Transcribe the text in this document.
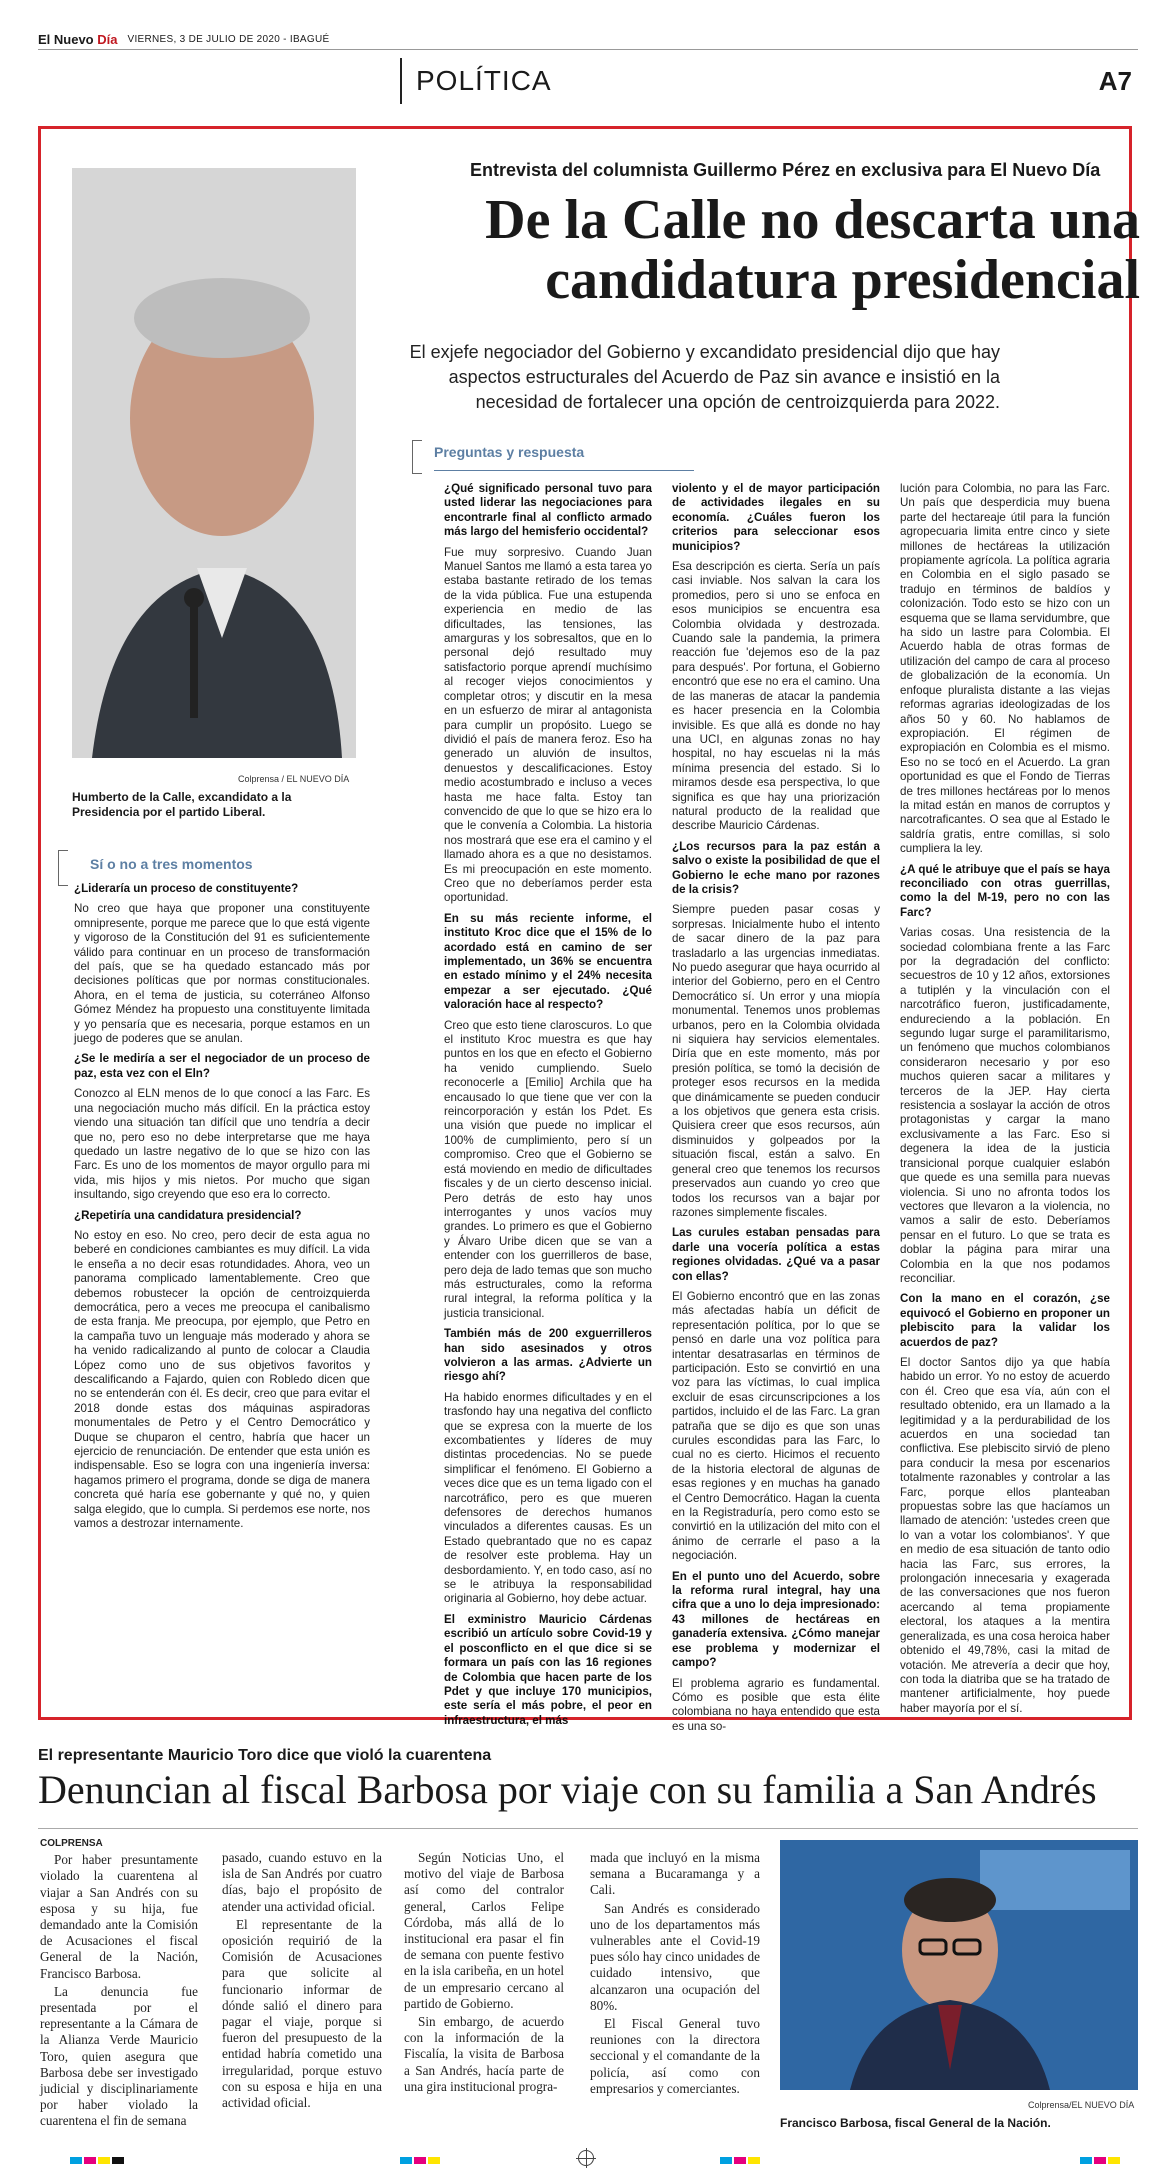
El Nuevo Día VIERNES, 3 DE JULIO DE 2020 - IBAGUÉ
POLÍTICA	A7
Colprensa / EL NUEVO DÍA
Humberto de la Calle, excandidato a la Presidencia por el partido Liberal.
Entrevista del columnista Guillermo Pérez en exclusiva para El Nuevo Día
De la Calle no descarta una
candidatura presidencial
El exjefe negociador del Gobierno y excandidato presidencial dijo que hay aspectos estructurales del Acuerdo de Paz sin avance e insistió en la necesidad de fortalecer una opción de centroizquierda para 2022.
Preguntas y respuesta
Sí o no a tres momentos

¿Lideraría un proceso de constituyente?

No creo que haya que proponer una constituyente omnipresente, porque me parece que lo que está vigente y vigoroso de la Constitución del 91 es suficientemente válido para continuar en un proceso de transformación del país, que se ha quedado estancado más por decisiones políticas que por normas constitucionales. Ahora, en el tema de justicia, su coterráneo Alfonso Gómez Méndez ha propuesto una constituyente limitada y yo pensaría que es necesaria, porque estamos en un juego de poderes que se anulan.

¿Se le mediría a ser el negociador de un proceso de paz, esta vez con el Eln?

Conozco al ELN menos de lo que conocí a las Farc. Es una negociación mucho más difícil. En la práctica estoy viendo una situación tan difícil que uno tendría a decir que no, pero eso no debe interpretarse que me haya quedado un lastre negativo de lo que se hizo con las Farc. Es uno de los momentos de mayor orgullo para mi vida, mis hijos y mis nietos. Por mucho que sigan insultando, sigo creyendo que eso era lo correcto.

¿Repetiría una candidatura presidencial?

No estoy en eso. No creo, pero decir de esta agua no beberé en condiciones cambiantes es muy difícil. La vida le enseña a no decir esas rotundidades. Ahora, veo un panorama complicado lamentablemente. Creo que debemos robustecer la opción de centroizquierda democrática, pero a veces me preocupa el canibalismo de esta franja. Me preocupa, por ejemplo, que Petro en la campaña tuvo un lenguaje más moderado y ahora se ha venido radicalizando al punto de colocar a Claudia López como uno de sus objetivos favoritos y descalificando a Fajardo, quien con Robledo dicen que no se entenderán con él. Es decir, creo que para evitar el 2018 donde estas dos máquinas aspiradoras monumentales de Petro y el Centro Democrático y Duque se chuparon el centro, habría que hacer un ejercicio de renunciación. De entender que esta unión es indispensable. Eso se logra con una ingeniería inversa: hagamos primero el programa, donde se diga de manera concreta qué haría ese gobernante y qué no, y quien salga elegido, que lo cumpla. Si perdemos ese norte, nos vamos a destrozar internamente.

¿Qué significado personal tuvo para usted liderar las negociaciones para encontrarle final al conflicto armado más largo del hemisferio occidental?

Fue muy sorpresivo. Cuando Juan Manuel Santos me llamó a esta tarea yo estaba bastante retirado de los temas de la vida pública. Fue una estupenda experiencia en medio de las dificultades, las tensiones, las amarguras y los sobresaltos, que en lo personal dejó resultado muy satisfactorio porque aprendí muchísimo al recoger viejos conocimientos y completar otros; y discutir en la mesa en un esfuerzo de mirar al antagonista para cumplir un propósito. Luego se dividió el país de manera feroz. Eso ha generado un aluvión de insultos, denuestos y descalificaciones. Estoy medio acostumbrado e incluso a veces hasta me hace falta. Estoy tan convencido de que lo que se hizo era lo que le convenía a Colombia. La historia nos mostrará que ese era el camino y el llamado ahora es a que no desistamos. Es mi preocupación en este momento. Creo que no deberíamos perder esta oportunidad.

En su más reciente informe, el instituto Kroc dice que el 15% de lo acordado está en camino de ser implementado, un 36% se encuentra en estado mínimo y el 24% necesita empezar a ser ejecutado. ¿Qué valoración hace al respecto?

Creo que esto tiene claroscuros. Lo que el instituto Kroc muestra es que hay puntos en los que en efecto el Gobierno ha venido cumpliendo. Suelo reconocerle a [Emilio] Archila que ha encausado lo que tiene que ver con la reincorporación y están los Pdet. Es una visión que puede no implicar el 100% de cumplimiento, pero sí un compromiso. Creo que el Gobierno se está moviendo en medio de dificultades fiscales y de un cierto descenso inicial. Pero detrás de esto hay unos interrogantes y unos vacíos muy grandes. Lo primero es que el Gobierno y Álvaro Uribe dicen que se van a entender con los guerrilleros de base, pero deja de lado temas que son mucho más estructurales, como la reforma rural integral, la reforma política y la justicia transicional.

También más de 200 exguerrilleros han sido asesinados y otros volvieron a las armas. ¿Advierte un riesgo ahí?

Ha habido enormes dificultades y en el trasfondo hay una negativa del conflicto que se expresa con la muerte de los excombatientes y líderes de muy distintas procedencias. No se puede simplificar el fenómeno. El Gobierno a veces dice que es un tema ligado con el narcotráfico, pero es que mueren defensores de derechos humanos vinculados a diferentes causas. Es un Estado quebrantado que no es capaz de resolver este problema. Hay un desbordamiento. Y, en todo caso, así no se le atribuya la responsabilidad originaria al Gobierno, hoy debe actuar.

El exministro Mauricio Cárdenas escribió un artículo sobre Covid-19 y el posconflicto en el que dice si se formara un país con las 16 regiones de Colombia que hacen parte de los Pdet y que incluye 170 municipios, este sería el más pobre, el peor en infraestructura, el más

violento y el de mayor participación de actividades ilegales en su economía. ¿Cuáles fueron los criterios para seleccionar esos municipios?

Esa descripción es cierta. Sería un país casi inviable. Nos salvan la cara los promedios, pero si uno se enfoca en esos municipios se encuentra esa Colombia olvidada y destrozada. Cuando sale la pandemia, la primera reacción fue 'dejemos eso de la paz para después'. Por fortuna, el Gobierno encontró que ese no era el camino. Una de las maneras de atacar la pandemia es hacer presencia en la Colombia invisible. Es que allá es donde no hay una UCI, en algunas zonas no hay hospital, no hay escuelas ni la más mínima presencia del estado. Si lo miramos desde esa perspectiva, lo que significa es que hay una priorización natural producto de la realidad que describe Mauricio Cárdenas.

¿Los recursos para la paz están a salvo o existe la posibilidad de que el Gobierno le eche mano por razones de la crisis?

Siempre pueden pasar cosas y sorpresas. Inicialmente hubo el intento de sacar dinero de la paz para trasladarlo a las urgencias inmediatas. No puedo asegurar que haya ocurrido al interior del Gobierno, pero en el Centro Democrático sí. Un error y una miopía monumental. Tenemos unos problemas urbanos, pero en la Colombia olvidada ni siquiera hay servicios elementales. Diría que en este momento, más por presión política, se tomó la decisión de proteger esos recursos en la medida que dinámicamente se pueden conducir a los objetivos que genera esta crisis. Quisiera creer que esos recursos, aún disminuidos y golpeados por la situación fiscal, están a salvo. En general creo que tenemos los recursos preservados aun cuando yo creo que todos los recursos van a bajar por razones simplemente fiscales.

Las curules estaban pensadas para darle una vocería política a estas regiones olvidadas. ¿Qué va a pasar con ellas?

El Gobierno encontró que en las zonas más afectadas había un déficit de representación política, por lo que se pensó en darle una voz política para intentar desatrasarlas en términos de participación. Esto se convirtió en una voz para las víctimas, lo cual implica excluir de esas circunscripciones a los partidos, incluido el de las Farc. La gran patraña que se dijo es que son unas curules escondidas para las Farc, lo cual no es cierto. Hicimos el recuento de la historia electoral de algunas de esas regiones y en muchas ha ganado el Centro Democrático. Hagan la cuenta en la Registraduría, pero como esto se convirtió en la utilización del mito con el ánimo de cerrarle el paso a la negociación.

En el punto uno del Acuerdo, sobre la reforma rural integral, hay una cifra que a uno lo deja impresionado: 43 millones de hectáreas en ganadería extensiva. ¿Cómo manejar ese problema y modernizar el campo?

El problema agrario es fundamental. Cómo es posible que esta élite colombiana no haya entendido que esta es una so-

lución para Colombia, no para las Farc. Un país que desperdicia muy buena parte del hectareaje útil para la función agropecuaria limita entre cinco y siete millones de hectáreas la utilización propiamente agrícola. La política agraria en Colombia en el siglo pasado se tradujo en términos de baldíos y colonización. Todo esto se hizo con un esquema que se llama servidumbre, que ha sido un lastre para Colombia. El Acuerdo habla de otras formas de utilización del campo de cara al proceso de globalización de la economía. Un enfoque pluralista distante a las viejas reformas agrarias ideologizadas de los años 50 y 60. No hablamos de expropiación. El régimen de expropiación en Colombia es el mismo. Eso no se tocó en el Acuerdo. La gran oportunidad es que el Fondo de Tierras de tres millones hectáreas por lo menos la mitad están en manos de corruptos y narcotraficantes. O sea que al Estado le saldría gratis, entre comillas, si solo cumpliera la ley.

¿A qué le atribuye que el país se haya reconciliado con otras guerrillas, como la del M-19, pero no con las Farc?

Varias cosas. Una resistencia de la sociedad colombiana frente a las Farc por la degradación del conflicto: secuestros de 10 y 12 años, extorsiones a tutiplén y la vinculación con el narcotráfico fueron, justificadamente, endureciendo a la población. En segundo lugar surge el paramilitarismo, un fenómeno que muchos colombianos consideraron necesario y por eso muchos quieren sacar a militares y terceros de la JEP. Hay cierta resistencia a soslayar la acción de otros protagonistas y cargar la mano exclusivamente a las Farc. Eso si degenera la idea de la justicia transicional porque cualquier eslabón que quede es una semilla para nuevas violencia. Si uno no afronta todos los vectores que llevaron a la violencia, no vamos a salir de esto. Deberíamos pensar en el futuro. Lo que se trata es doblar la página para mirar una Colombia en la que nos podamos reconciliar.

Con la mano en el corazón, ¿se equivocó el Gobierno en proponer un plebiscito para la validar los acuerdos de paz?

El doctor Santos dijo ya que había habido un error. Yo no estoy de acuerdo con él. Creo que esa vía, aún con el resultado obtenido, era un llamado a la legitimidad y a la perdurabilidad de los acuerdos en una sociedad tan conflictiva. Ese plebiscito sirvió de pleno para conducir la mesa por escenarios totalmente razonables y controlar a las Farc, porque ellos planteaban propuestas sobre las que hacíamos un llamado de atención: 'ustedes creen que lo van a votar los colombianos'. Y que en medio de esa situación de tanto odio hacia las Farc, sus errores, la prolongación innecesaria y exagerada de las conversaciones que nos fueron acercando al tema propiamente electoral, los ataques a la mentira generalizada, es una cosa heroica haber obtenido el 49,78%, casi la mitad de votación. Me atrevería a decir que hoy, con toda la diatriba que se ha tratado de mantener artificialmente, hoy puede haber mayoría por el sí.

El representante Mauricio Toro dice que violó la cuarentena
Denuncian al fiscal Barbosa por viaje con su familia a San Andrés
COLPRENSA

Por haber presuntamente violado la cuarentena al viajar a San Andrés con su esposa y su hija, fue demandado ante la Comisión de Acusaciones el fiscal General de la Nación, Francisco Barbosa.

La denuncia fue presentada por el representante a la Cámara de la Alianza Verde Mauricio Toro, quien asegura que Barbosa debe ser investigado judicial y disciplinariamente por haber violado la cuarentena el fin de semana

pasado, cuando estuvo en la isla de San Andrés por cuatro días, bajo el propósito de atender una actividad oficial.

El representante de la oposición requirió de la Comisión de Acusaciones para que solicite al funcionario informar de dónde salió el dinero para pagar el viaje, porque si fueron del presupuesto de la entidad habría cometido una irregularidad, porque estuvo con su esposa e hija en una actividad oficial.

Según Noticias Uno, el motivo del viaje de Barbosa así como del contralor general, Carlos Felipe Córdoba, más allá de lo institucional era pasar el fin de semana con puente festivo en la isla caribeña, en un hotel de un empresario cercano al partido de Gobierno.

Sin embargo, de acuerdo con la información de la Fiscalía, la visita de Barbosa a San Andrés, hacía parte de una gira institucional progra-

mada que incluyó en la misma semana a Bucaramanga y a Cali.

San Andrés es considerado uno de los departamentos más vulnerables ante el Covid-19 pues sólo hay cinco unidades de cuidado intensivo, que alcanzaron una ocupación del 80%.

El Fiscal General tuvo reuniones con la directora seccional y el comandante de la policía, así como con empresarios y comerciantes.

Colprensa/EL NUEVO DÍA
Francisco Barbosa, fiscal General de la Nación.
